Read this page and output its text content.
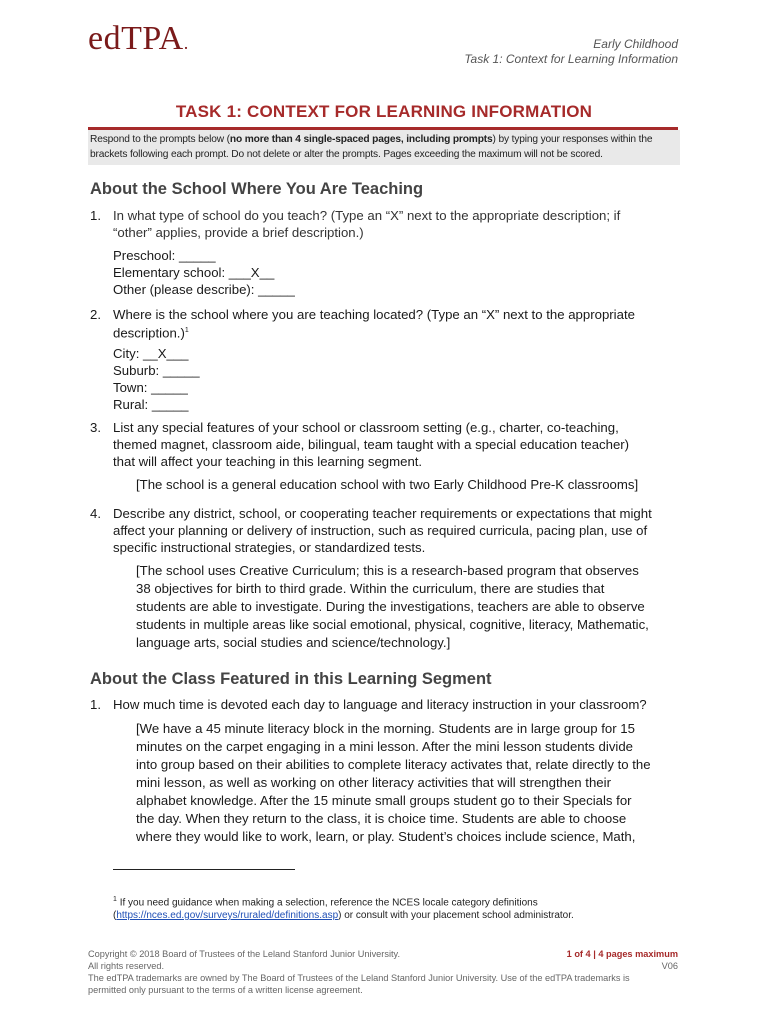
edTPA.	Early Childhood
Task 1: Context for Learning Information
TASK 1: CONTEXT FOR LEARNING INFORMATION
Respond to the prompts below (no more than 4 single-spaced pages, including prompts) by typing your responses within the brackets following each prompt. Do not delete or alter the prompts. Pages exceeding the maximum will not be scored.
About the School Where You Are Teaching
1. In what type of school do you teach? (Type an “X” next to the appropriate description; if
“other” applies, provide a brief description.)
Preschool: _____
Elementary school: ___X__
Other (please describe): _____
2. Where is the school where you are teaching located? (Type an “X” next to the appropriate
description.)$^1$
City: __X___
Suburb: _____
Town: _____
Rural: _____
3. List any special features of your school or classroom setting (e.g., charter, co-teaching,
themed magnet, classroom aide, bilingual, team taught with a special education teacher)
that will affect your teaching in this learning segment.
[The school is a general education school with two Early Childhood Pre-K classrooms]
4. Describe any district, school, or cooperating teacher requirements or expectations that might
affect your planning or delivery of instruction, such as required curricula, pacing plan, use of
specific instructional strategies, or standardized tests.
[The school uses Creative Curriculum; this is a research-based program that observes
38 objectives for birth to third grade. Within the curriculum, there are studies that
students are able to investigate. During the investigations, teachers are able to observe
students in multiple areas like social emotional, physical, cognitive, literacy, Mathematic,
language arts, social studies and science/technology.]
About the Class Featured in this Learning Segment
1. How much time is devoted each day to language and literacy instruction in your classroom?
[We have a 45 minute literacy block in the morning. Students are in large group for 15
minutes on the carpet engaging in a mini lesson. After the mini lesson students divide
into group based on their abilities to complete literacy activates that, relate directly to the
mini lesson, as well as working on other literacy activities that will strengthen their
alphabet knowledge. After the 15 minute small groups student go to their Specials for
the day. When they return to the class, it is choice time. Students are able to choose
where they would like to work, learn, or play. Student’s choices include science, Math,
$^1$ If you need guidance when making a selection, reference the NCES locale category definitions
(https://nces.ed.gov/surveys/ruraled/definitions.asp) or consult with your placement school administrator.
Copyright © 2018 Board of Trustees of the Leland Stanford Junior University.
All rights reserved.
The edTPA trademarks are owned by The Board of Trustees of the Leland Stanford Junior University. Use of the edTPA trademarks is
permitted only pursuant to the terms of a written license agreement.
1 of 4 | 4 pages maximum
V06
